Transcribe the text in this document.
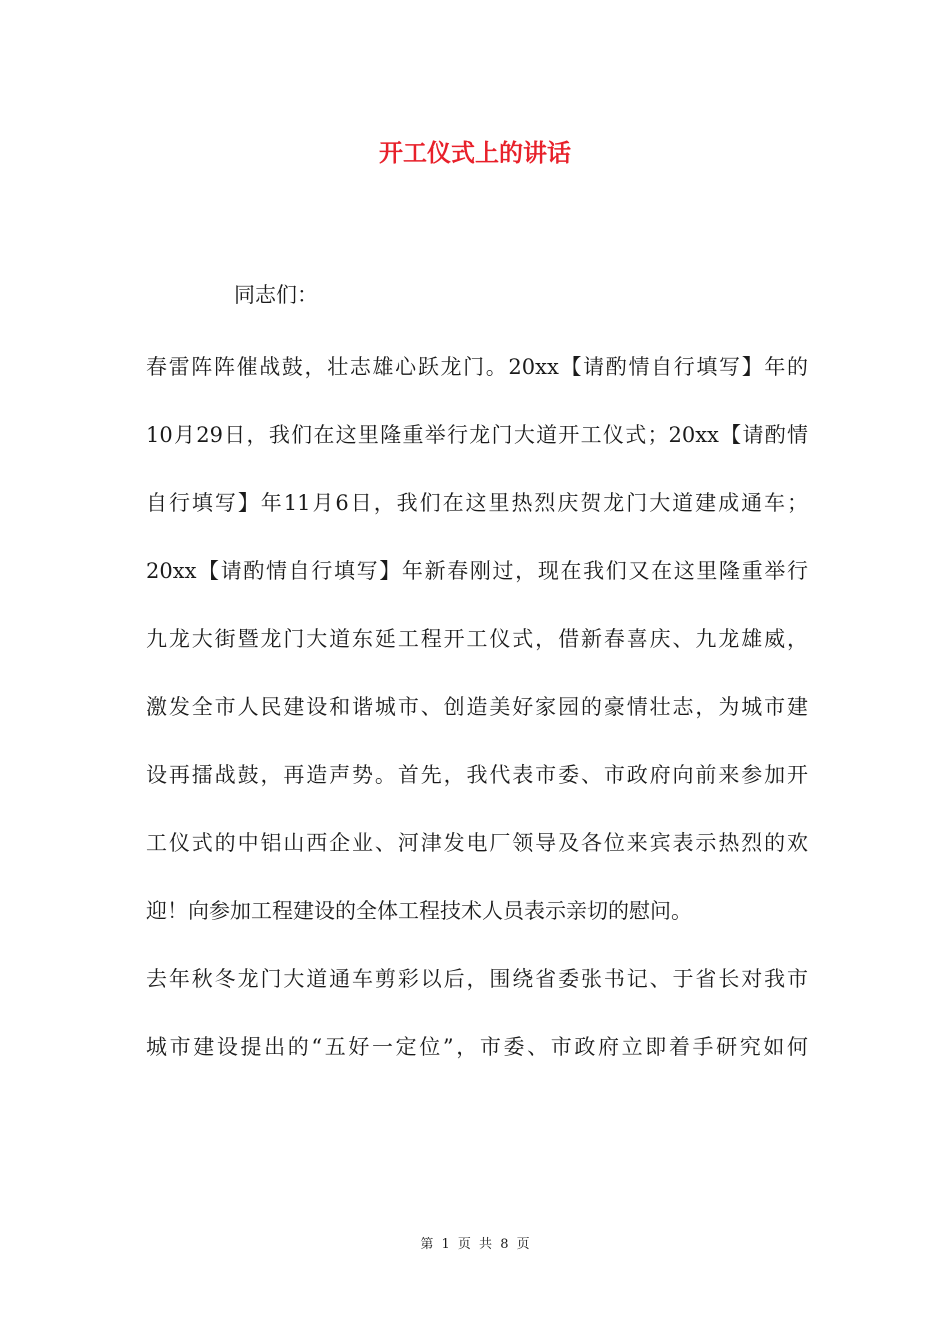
开工仪式上的讲话
同志们：
春雷阵阵催战鼓，壮志雄心跃龙门。20xx【请酌情自行填写】年的
10月29日，我们在这里隆重举行龙门大道开工仪式；20xx【请酌情
自行填写】年11月6日，我们在这里热烈庆贺龙门大道建成通车；
20xx【请酌情自行填写】年新春刚过，现在我们又在这里隆重举行
九龙大街暨龙门大道东延工程开工仪式，借新春喜庆、九龙雄威，
激发全市人民建设和谐城市、创造美好家园的豪情壮志，为城市建
设再擂战鼓，再造声势。首先，我代表市委、市政府向前来参加开
工仪式的中铝山西企业、河津发电厂领导及各位来宾表示热烈的欢
迎！向参加工程建设的全体工程技术人员表示亲切的慰问。
去年秋冬龙门大道通车剪彩以后，围绕省委张书记、于省长对我市
城市建设提出的“五好一定位”，市委、市政府立即着手研究如何
第 1 页 共 8 页
